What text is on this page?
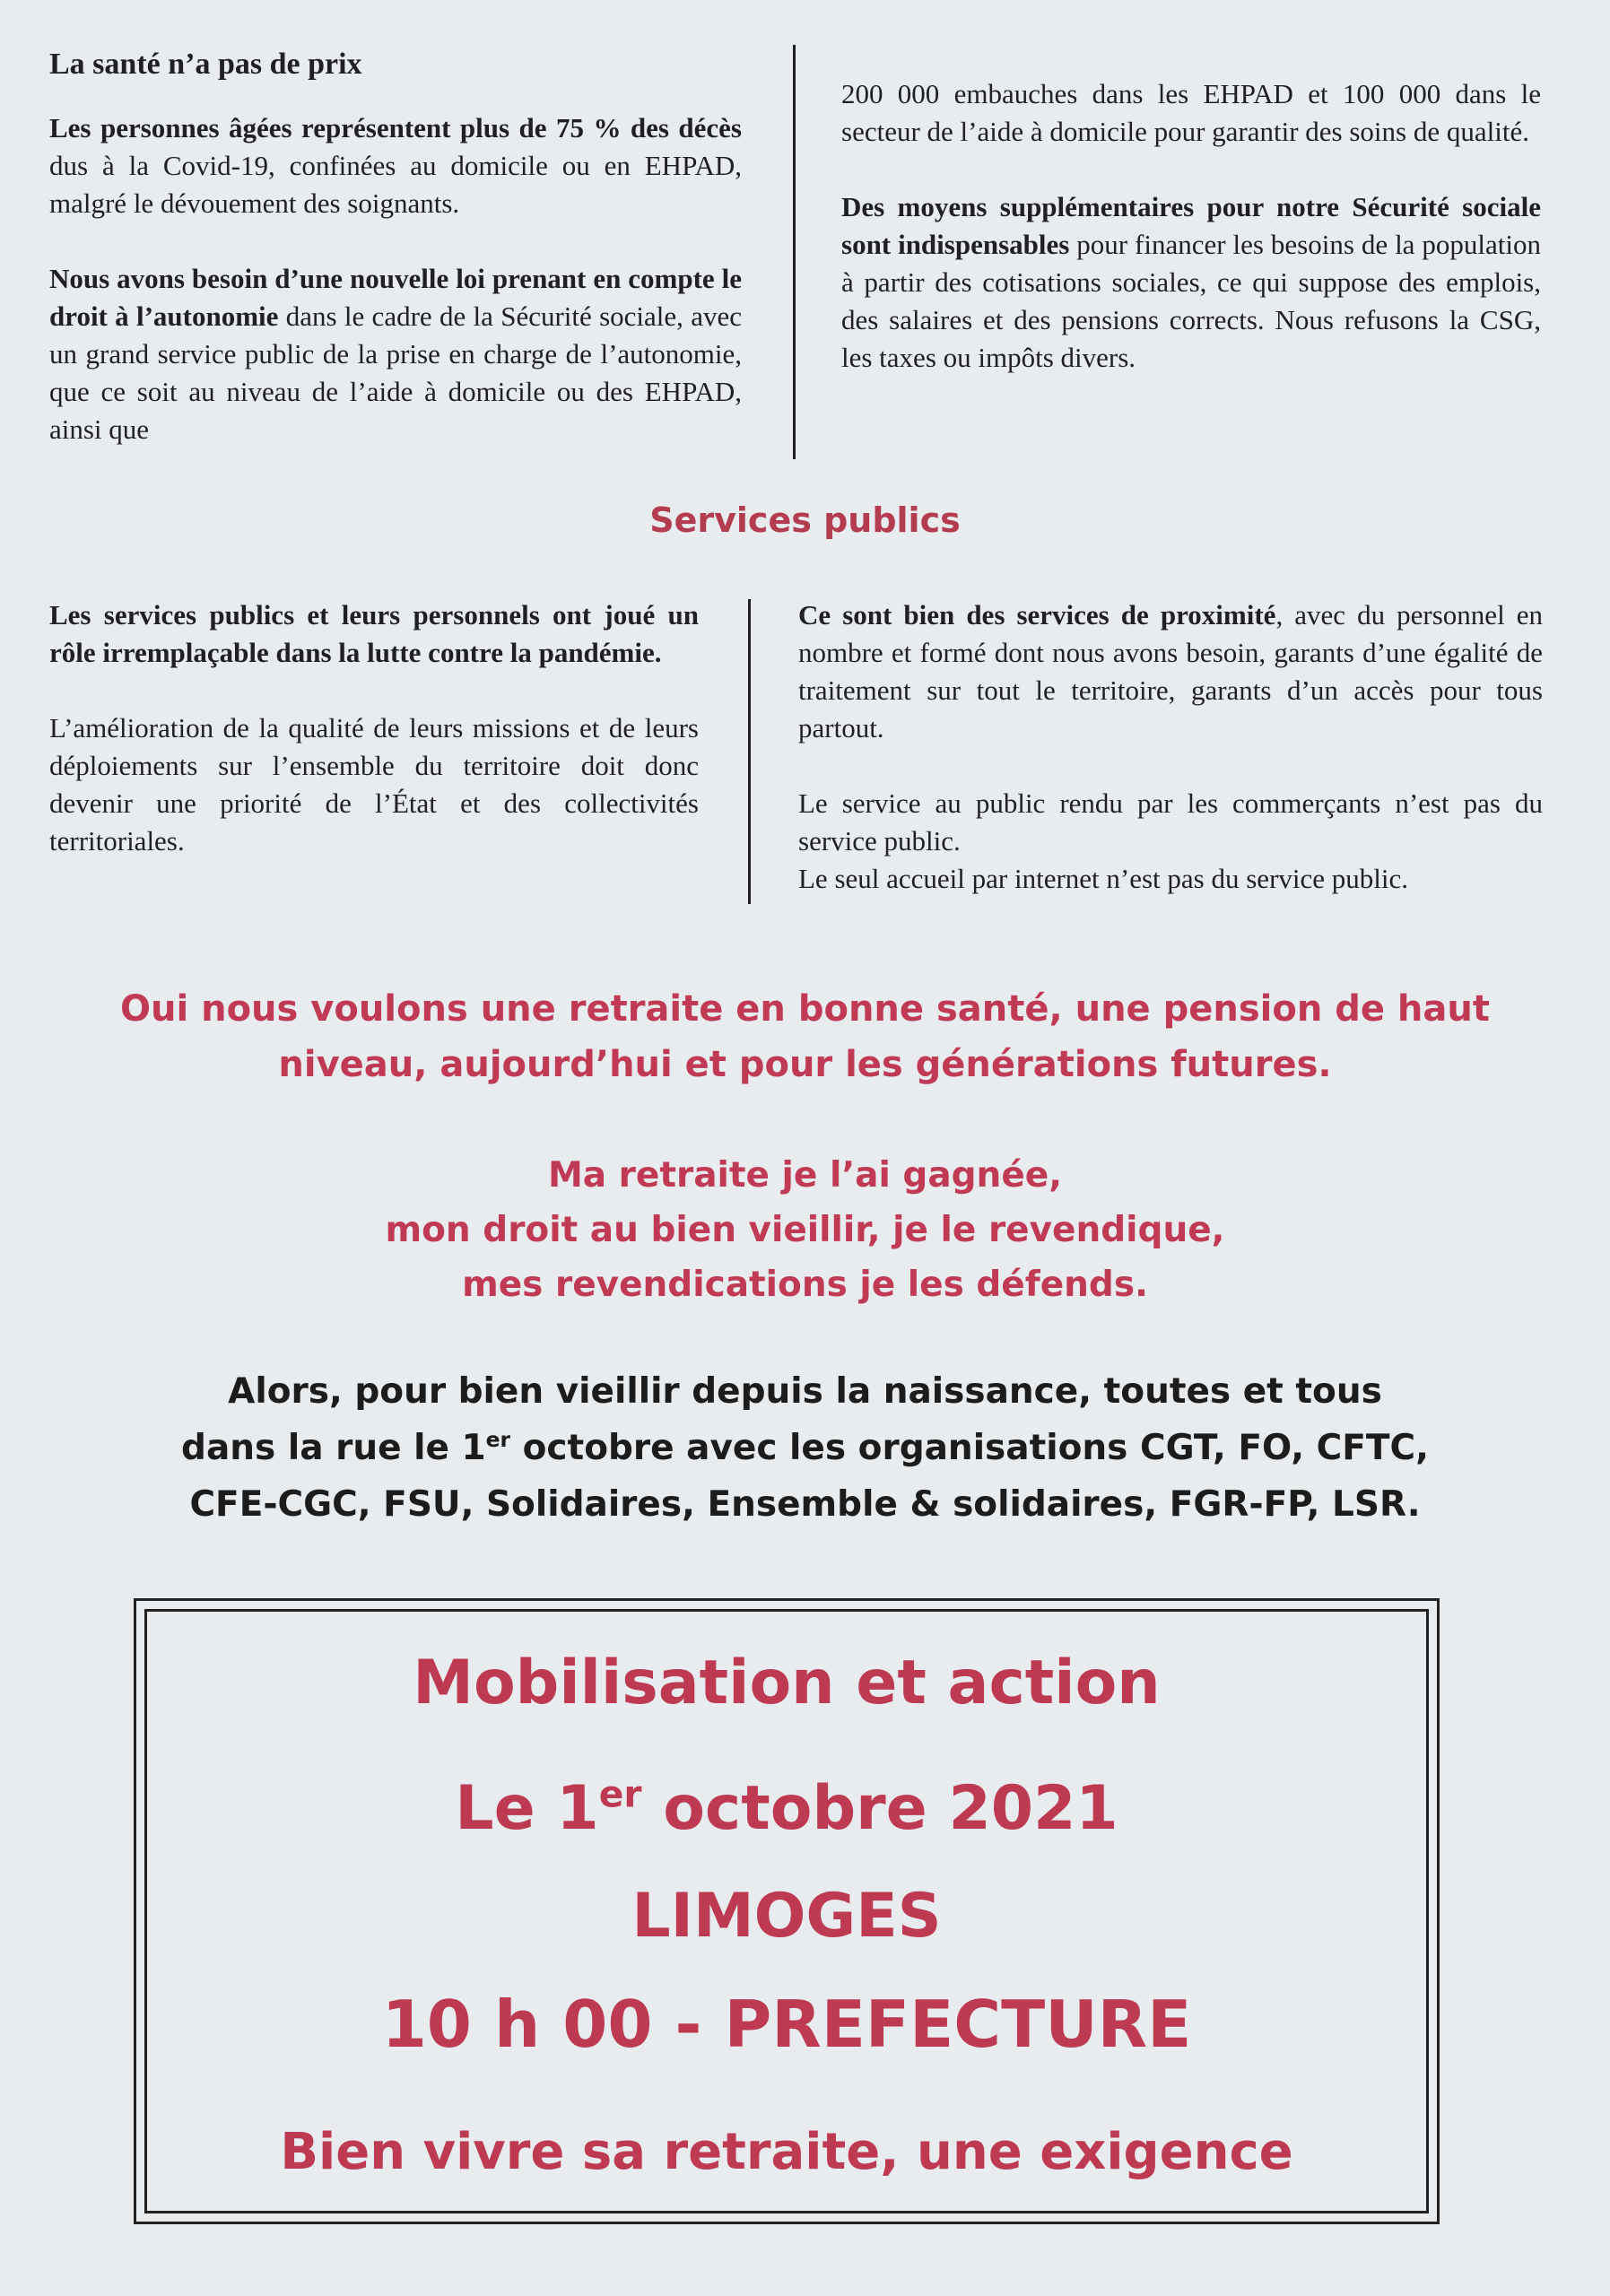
La santé n’a pas de prix

Les personnes âgées représentent plus de 75 % des décès dus à la Covid-19, confinées au domicile ou en EHPAD, malgré le dévouement des soignants.

Nous avons besoin d’une nouvelle loi prenant en compte le droit à l’autonomie dans le cadre de la Sécurité sociale, avec un grand service public de la prise en charge de l’autonomie, que ce soit au niveau de l’aide à domicile ou des EHPAD, ainsi que

200 000 embauches dans les EHPAD et 100 000 dans le secteur de l’aide à domicile pour garantir des soins de qualité.

Des moyens supplémentaires pour notre Sécurité sociale sont indispensables pour financer les besoins de la population à partir des cotisations sociales, ce qui suppose des emplois, des salaires et des pensions corrects. Nous refusons la CSG, les taxes ou impôts divers.

Services publics

Les services publics et leurs personnels ont joué un rôle irremplaçable dans la lutte contre la pandémie.

L’amélioration de la qualité de leurs missions et de leurs déploiements sur l’ensemble du territoire doit donc devenir une priorité de l’État et des collectivités territoriales.

Ce sont bien des services de proximité, avec du personnel en nombre et formé dont nous avons besoin, garants d’une égalité de traitement sur tout le territoire, garants d’un accès pour tous partout.

Le service au public rendu par les commerçants n’est pas du service public.

Le seul accueil par internet n’est pas du service public.

Oui nous voulons une retraite en bonne santé, une pension de haut
niveau, aujourd’hui et pour les générations futures.
Ma retraite je l’ai gagnée,
mon droit au bien vieillir, je le revendique,
mes revendications je les défends.
Alors, pour bien vieillir depuis la naissance, toutes et tous
dans la rue le 1er octobre avec les organisations CGT, FO, CFTC,
CFE-CGC, FSU, Solidaires, Ensemble & solidaires, FGR-FP, LSR.
Mobilisation et action
Le 1er octobre 2021
LIMOGES
10 h 00 - PREFECTURE
Bien vivre sa retraite, une exigence
